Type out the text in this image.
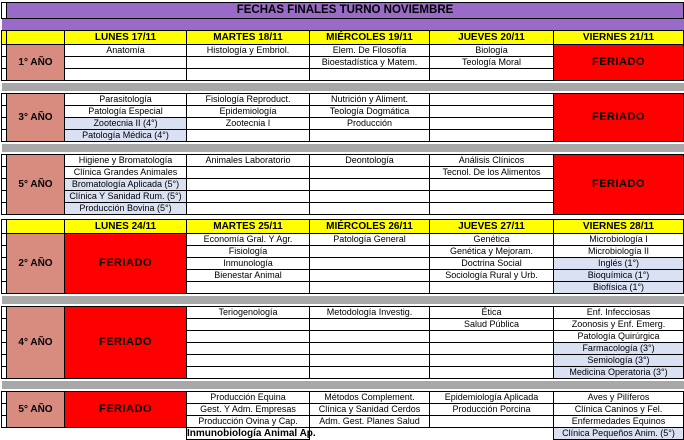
	FECHAS FINALES TURNO NOVIEMBRE					

		LUNES 17/11	MARTES 18/11	MIÉRCOLES 19/11	JUEVES 20/11	VIERNES 21/11
	1° AÑO	Anatomía	Histología y Embriol.	Elem. De Filosofía	Biología	FERIADO
				Bioestadística y Matem.	Teología Moral	

	3° AÑO	Parasitología	Fisiología Reproduct.	Nutrición y Aliment.		FERIADO
		Patología Especial	Epidemiología	Teología Dogmática		
		Zootecnia II (4°)	Zootecnia I	Producción		
		Patología Médica (4°)				

	5° AÑO	Higiene y Bromatología	Animales Laboratorio	Deontología	Análisis Clínicos	FERIADO
		Clínica Grandes Animales			Tecnol. De los Alimentos	
		Bromatología Aplicada (5°)				
		Clínica Y Sanidad Rum. (5°)				
		Producción Bovina (5°)				

		LUNES 24/11	MARTES 25/11	MIÉRCOLES 26/11	JUEVES 27/11	VIERNES 28/11
	2° AÑO	FERIADO	Economía Gral. Y Agr.	Patología General	Genética	Microbiología I
			Fisiología		Genética y Mejoram.	Microbiología II
			Inmunología		Doctrina Social	Inglés (1°)
			Bienestar Animal		Sociología Rural y Urb.	Bioquímica (1°)
						Biofísica (1°)

	4° AÑO	FERIADO	Teriogenología	Metodología Investig.	Ética	Enf. Infecciosas
					Salud Pública	Zoonosis y Enf. Emerg.
						Patología Quirúrgica
						Farmacología (3°)
						Semiología (3°)
						Medicina Operatoria (3°)

	5° AÑO	FERIADO	Producción Equina	Métodos Complement.	Epidemiología Aplicada	Aves y Pilíferos
			Gest. Y Adm. Empresas	Clínica y Sanidad Cerdos	Producción Porcina	Clínica Caninos y Fel.
			Producción Ovina y Cap.	Adm. Gest. Planes Salud		Enfermedades Equinos
			Inmunobiología Animal Ap.			Clínica Pequeños Anim. (5°)
